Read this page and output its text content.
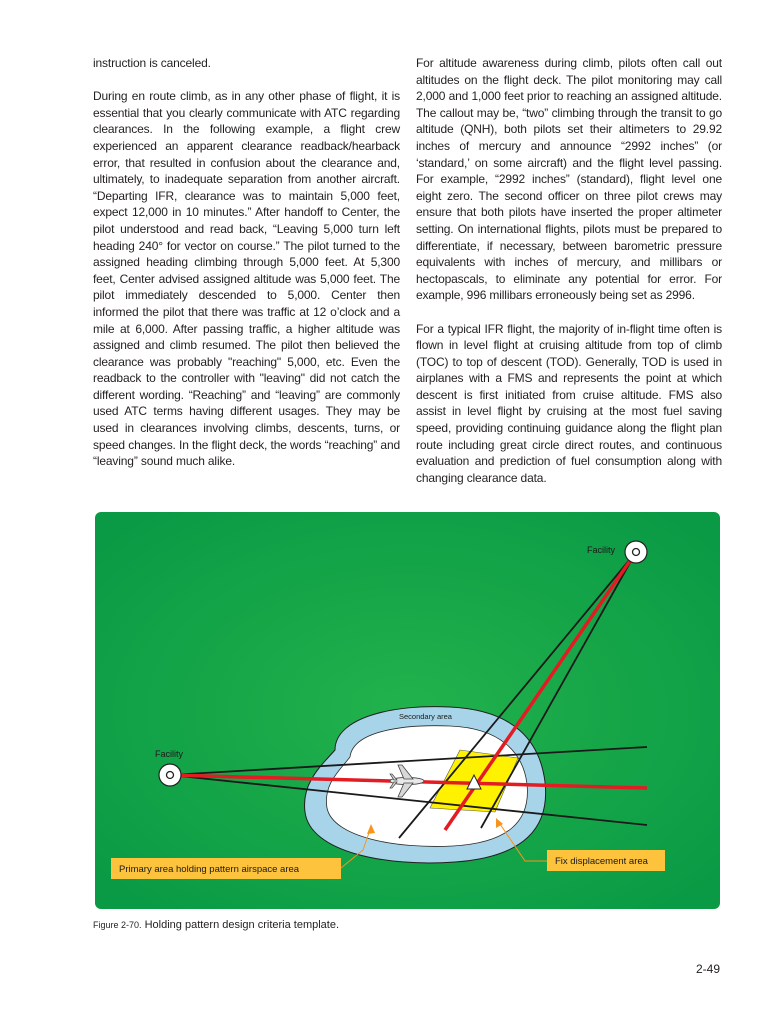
instruction is canceled.

During en route climb, as in any other phase of flight, it is essential that you clearly communicate with ATC regarding clearances. In the following example, a flight crew experienced an apparent clearance readback/hearback error, that resulted in confusion about the clearance and, ultimately, to inadequate separation from another aircraft. “Departing IFR, clearance was to maintain 5,000 feet, expect 12,000 in 10 minutes.” After handoff to Center, the pilot understood and read back, “Leaving 5,000 turn left heading 240° for vector on course.” The pilot turned to the assigned heading climbing through 5,000 feet. At 5,300 feet, Center advised assigned altitude was 5,000 feet. The pilot immediately descended to 5,000. Center then informed the pilot that there was traffic at 12 o’clock and a mile at 6,000. After passing traffic, a higher altitude was assigned and climb resumed. The pilot then believed the clearance was probably "reaching" 5,000, etc. Even the readback to the controller with "leaving" did not catch the different wording. “Reaching” and “leaving” are commonly used ATC terms having different usages. They may be used in clearances involving climbs, descents, turns, or speed changes. In the flight deck, the words “reaching” and “leaving” sound much alike.

For altitude awareness during climb, pilots often call out altitudes on the flight deck. The pilot monitoring may call 2,000 and 1,000 feet prior to reaching an assigned altitude. The callout may be, “two” climbing through the transit to go altitude (QNH), both pilots set their altimeters to 29.92 inches of mercury and announce “2992 inches” (or ‘standard,’ on some aircraft) and the flight level passing. For example, “2992 inches” (standard), flight level one eight zero. The second officer on three pilot crews may ensure that both pilots have inserted the proper altimeter setting. On international flights, pilots must be prepared to differentiate, if necessary, between barometric pressure equivalents with inches of mercury, and millibars or hectopascals, to eliminate any potential for error. For example, 996 millibars erroneously being set as 2996.

For a typical IFR flight, the majority of in-flight time often is flown in level flight at cruising altitude from top of climb (TOC) to top of descent (TOD). Generally, TOD is used in airplanes with a FMS and represents the point at which descent is first initiated from cruise altitude. FMS also assist in level flight by cruising at the most fuel saving speed, providing continuing guidance along the flight plan route including great circle direct routes, and continuous evaluation and prediction of fuel consumption along with changing clearance data.

Facility
Facility
Secondary area
Primary area holding pattern airspace area
Fix displacement area
Figure 2-70. Holding pattern design criteria template.
2-49
